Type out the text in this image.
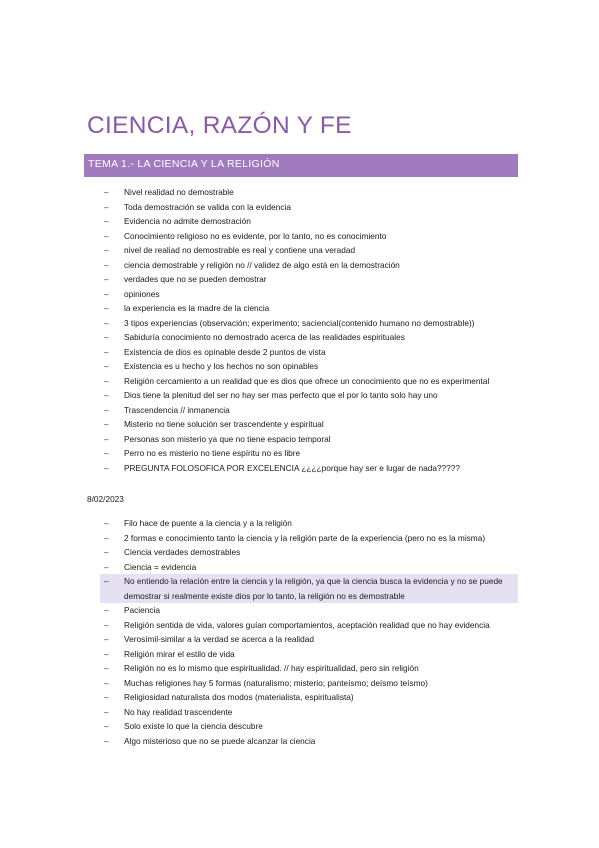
CIENCIA, RAZÓN Y FE
TEMA 1.- LA CIENCIA Y LA RELIGIÓN
–	Nivel realidad no demostrable
–	Toda demostración se valida con la evidencia
–	Evidencia no admite demostración
–	Conocimiento religioso no es evidente, por lo tanto, no es conocimiento
–	nivel de realiad no demostrable es real y contiene una veradad
–	ciencia demostrable y religión no // validez de algo está en la demostración
–	verdades que no se pueden demostrar
–	opiniones
–	la experiencia es la madre de la ciencia
–	3 tipos experiencias (observación; experimento; saciencial(contenido humano no demostrable))
–	Sabiduría conocimiento no demostrado acerca de las realidades espirituales
–	Existencia de dios es opinable desde 2 puntos de vista
–	Existencia es u hecho y los hechos no son opinables
–	Religión cercamiento a un realidad que es dios que ofrece un conocimiento que no es experimental
–	Dios tiene la plenitud del ser no hay ser mas perfecto que el por lo tanto solo hay uno
–	Trascendencia // inmanencia
–	Misterio no tiene solución ser trascendente y espiritual
–	Personas son misterio ya que no tiene espacio temporal
–	Perro no es misterio no tiene espíritu no es libre
–	PREGUNTA FOLOSOFICA POR EXCELENCIA ¿¿¿¿porque hay ser e lugar de nada?????
8/02/2023
–	Filo hace de puente a la ciencia y a la religión
–	2 formas e conocimiento tanto la ciencia y la religión parte de la experiencia (pero no es la misma)
–	Ciencia verdades demostrables
–	Ciencia = evidencia
–	No entiendo la relación entre la ciencia y la religión, ya que la ciencia busca la evidencia y no se puede demostrar si realmente existe dios por lo tanto, la religión no es demostrable
–	Paciencia
–	Religión sentida de vida, valores guían comportamientos, aceptación realidad que no hay evidencia
–	Verosímil-similar a la verdad se acerca a la realidad
–	Religión mirar el estilo de vida
–	Religión no es lo mismo que espiritualidad. // hay espiritualidad, pero sin religión
–	Muchas religiones hay 5 formas (naturalismo; misterio; panteísmo; deísmo teísmo)
–	Religiosidad naturalista dos modos (materialista, espiritualista)
–	No hay realidad trascendente
–	Solo existe lo que la ciencia descubre
–	Algo misterioso que no se puede alcanzar la ciencia
